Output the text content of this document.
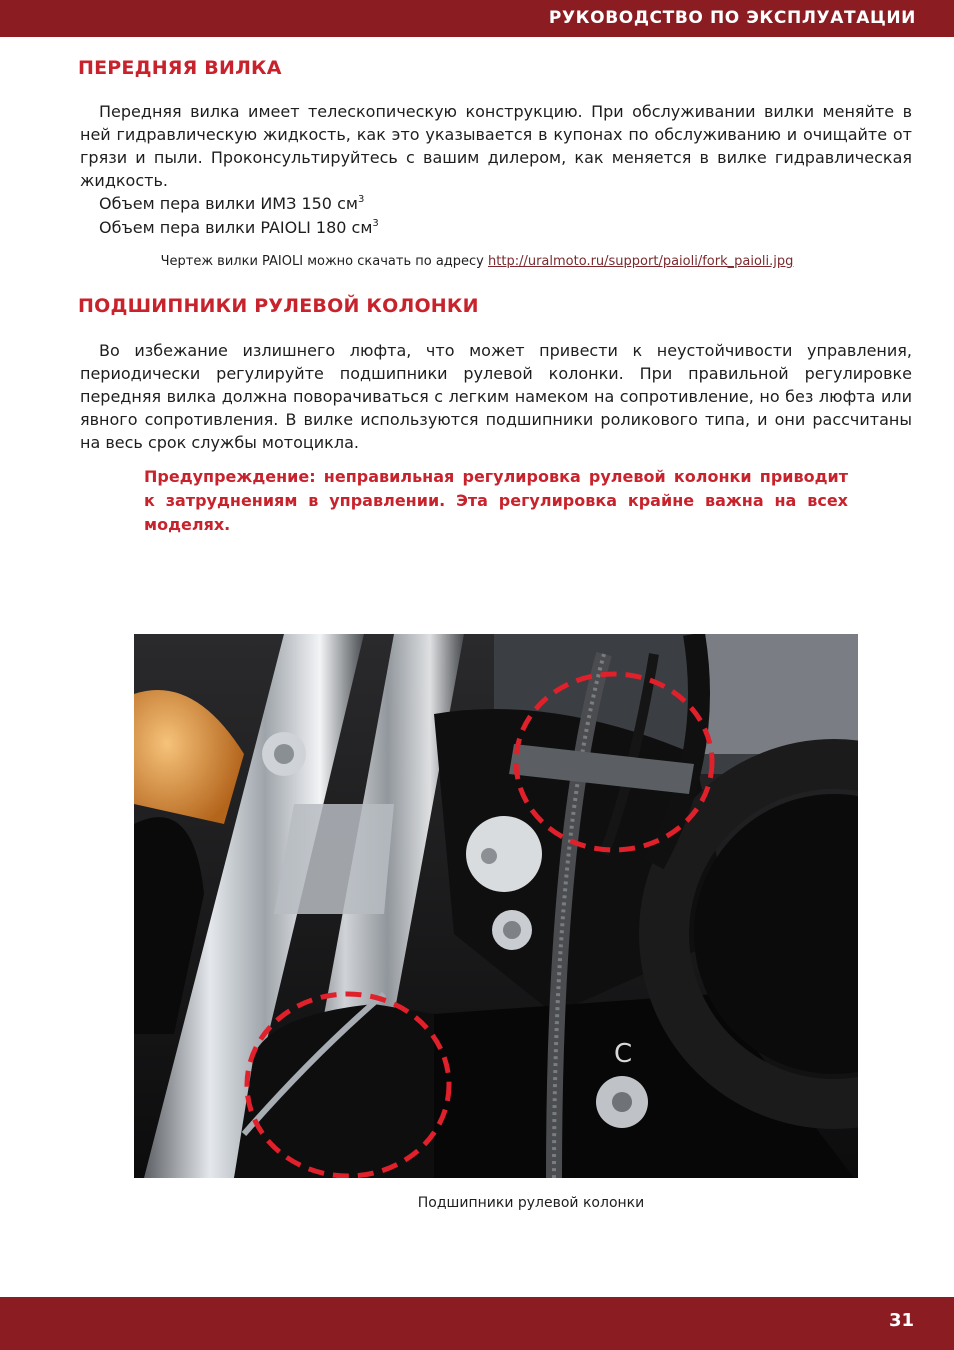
РУКОВОДСТВО ПО ЭКСПЛУАТАЦИИ
ПЕРЕДНЯЯ ВИЛКА

Передняя вилка имеет телескопическую конструкцию. При обслуживании вилки меняйте в ней гидравлическую жидкость, как это указывается в купонах по обслуживанию и очищайте от грязи и пыли. Проконсультируйтесь с вашим дилером, как меняется в вилке гидравлическая жидкость.

Объем пера вилки ИМЗ 150 $см^3$

Объем пера вилки PAIOLI 180 $см^3$

Чертеж вилки PAIOLI можно скачать по адресу http://uralmoto.ru/support/paioli/fork_paioli.jpg

ПОДШИПНИКИ РУЛЕВОЙ КОЛОНКИ

Во избежание излишнего люфта, что может привести к неустойчивости управления, периодически регулируйте подшипники рулевой колонки. При правильной регулировке передняя вилка должна поворачиваться с легким намеком на сопротивление, но без люфта или явного сопротивления. В вилке используются подшипники роликового типа, и они рассчитаны на весь срок службы мотоцикла.

Предупреждение: неправильная регулировка рулевой колонки приводит к затруднениям в управлении. Эта регулировка крайне важна на всех моделях.

C

Подшипники рулевой колонки

31
